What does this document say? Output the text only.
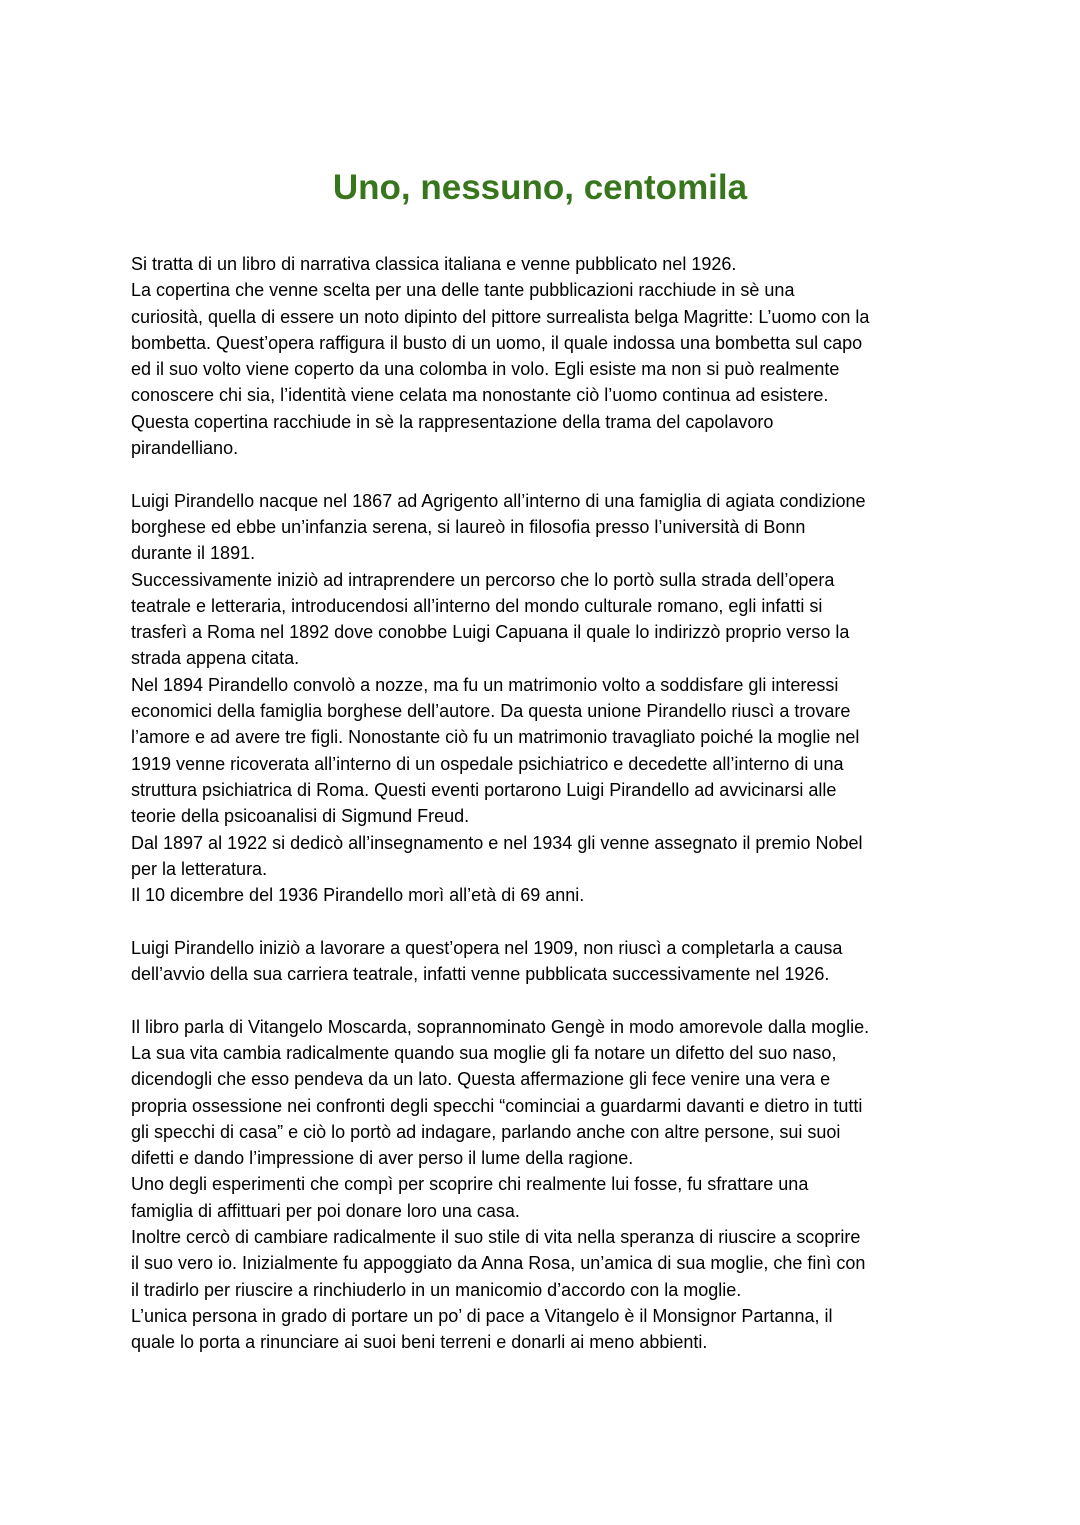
Uno, nessuno, centomila

Si tratta di un libro di narrativa classica italiana e venne pubblicato nel 1926.
La copertina che venne scelta per una delle tante pubblicazioni racchiude in sè una
curiosità, quella di essere un noto dipinto del pittore surrealista belga Magritte: L’uomo con la
bombetta. Quest’opera raffigura il busto di un uomo, il quale indossa una bombetta sul capo
ed il suo volto viene coperto da una colomba in volo. Egli esiste ma non si può realmente
conoscere chi sia, l’identità viene celata ma nonostante ciò l’uomo continua ad esistere.
Questa copertina racchiude in sè la rappresentazione della trama del capolavoro
pirandelliano.

Luigi Pirandello nacque nel 1867 ad Agrigento all’interno di una famiglia di agiata condizione
borghese ed ebbe un’infanzia serena, si laureò in filosofia presso l’università di Bonn
durante il 1891.
Successivamente iniziò ad intraprendere un percorso che lo portò sulla strada dell’opera
teatrale e letteraria, introducendosi all’interno del mondo culturale romano, egli infatti si
trasferì a Roma nel 1892 dove conobbe Luigi Capuana il quale lo indirizzò proprio verso la
strada appena citata.
Nel 1894 Pirandello convolò a nozze, ma fu un matrimonio volto a soddisfare gli interessi
economici della famiglia borghese dell’autore. Da questa unione Pirandello riuscì a trovare
l’amore e ad avere tre figli. Nonostante ciò fu un matrimonio travagliato poiché la moglie nel
1919 venne ricoverata all’interno di un ospedale psichiatrico e decedette all’interno di una
struttura psichiatrica di Roma. Questi eventi portarono Luigi Pirandello ad avvicinarsi alle
teorie della psicoanalisi di Sigmund Freud.
Dal 1897 al 1922 si dedicò all’insegnamento e nel 1934 gli venne assegnato il premio Nobel
per la letteratura.
Il 10 dicembre del 1936 Pirandello morì all’età di 69 anni.

Luigi Pirandello iniziò a lavorare a quest’opera nel 1909, non riuscì a completarla a causa
dell’avvio della sua carriera teatrale, infatti venne pubblicata successivamente nel 1926.

Il libro parla di Vitangelo Moscarda, soprannominato Gengè in modo amorevole dalla moglie.
La sua vita cambia radicalmente quando sua moglie gli fa notare un difetto del suo naso,
dicendogli che esso pendeva da un lato. Questa affermazione gli fece venire una vera e
propria ossessione nei confronti degli specchi “cominciai a guardarmi davanti e dietro in tutti
gli specchi di casa” e ciò lo portò ad indagare, parlando anche con altre persone, sui suoi
difetti e dando l’impressione di aver perso il lume della ragione.
Uno degli esperimenti che compì per scoprire chi realmente lui fosse, fu sfrattare una
famiglia di affittuari per poi donare loro una casa.
Inoltre cercò di cambiare radicalmente il suo stile di vita nella speranza di riuscire a scoprire
il suo vero io. Inizialmente fu appoggiato da Anna Rosa, un’amica di sua moglie, che finì con
il tradirlo per riuscire a rinchiuderlo in un manicomio d’accordo con la moglie.
L’unica persona in grado di portare un po’ di pace a Vitangelo è il Monsignor Partanna, il
quale lo porta a rinunciare ai suoi beni terreni e donarli ai meno abbienti.
